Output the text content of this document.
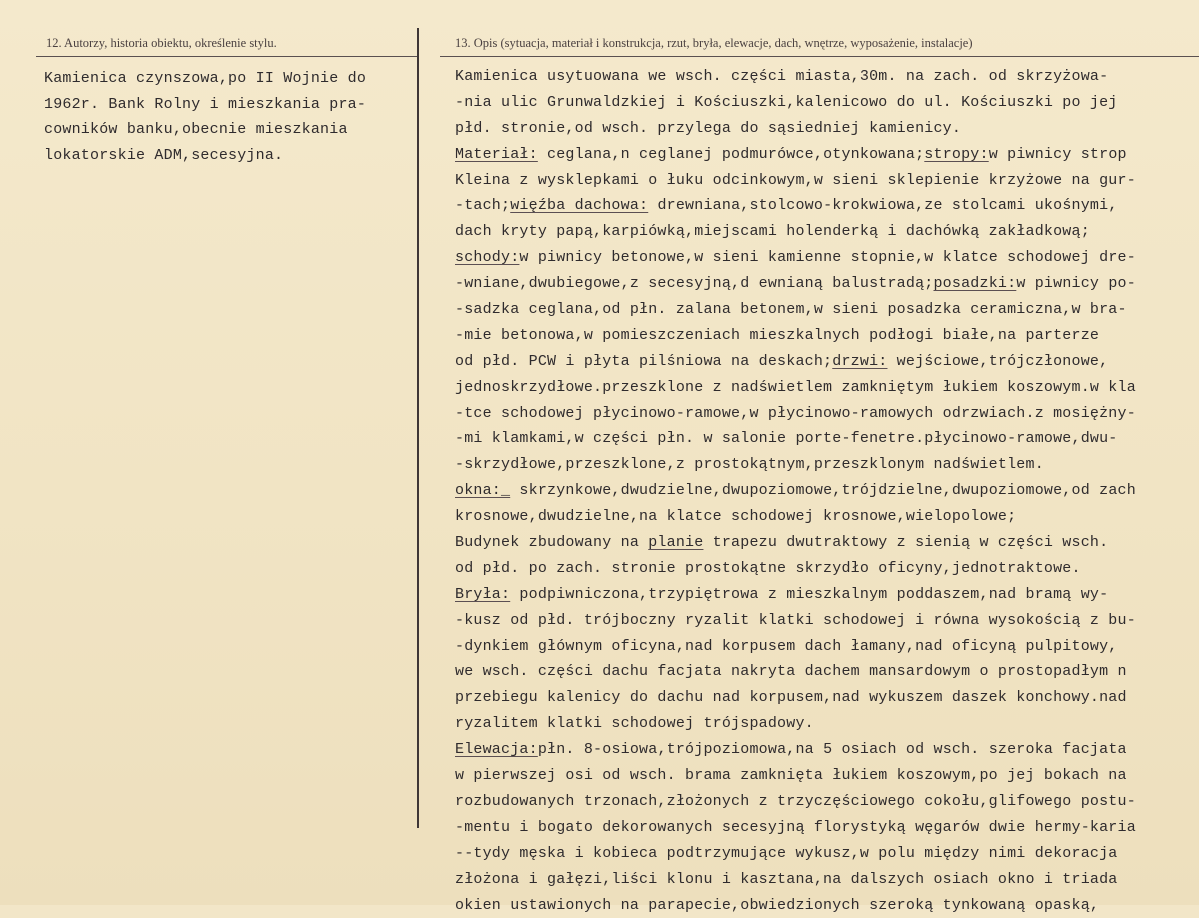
12. Autorzy, historia obiektu, określenie stylu.	13. Opis (sytuacja, materiał i konstrukcja, rzut, bryła, elewacje, dach, wnętrze, wyposażenie, instalacje)
Kamienica czynszowa,po II Wojnie do
1962r. Bank Rolny i mieszkania pra-
cowników banku,obecnie mieszkania
lokatorskie ADM,secesyjna.
Kamienica usytuowana we wsch. części miasta,30m. na zach. od skrzyżowa-
-nia ulic Grunwaldzkiej i Kościuszki,kalenicowo do ul. Kościuszki po jej
płd. stronie,od wsch. przylega do sąsiedniej kamienicy.
Materiał: ceglana,n ceglanej podmurówce,otynkowana;stropy:w piwnicy strop
Kleina z wysklepkami o łuku odcinkowym,w sieni sklepienie krzyżowe na gur-
-tach;więźba dachowa: drewniana,stolcowo-krokwiowa,ze stolcami ukośnymi,
dach kryty papą,karpiówką,miejscami holenderką i dachówką zakładkową;
schody:w piwnicy betonowe,w sieni kamienne stopnie,w klatce schodowej dre-
-wniane,dwubiegowe,z secesyjną,d ewnianą balustradą;posadzki:w piwnicy po-
-sadzka ceglana,od płn. zalana betonem,w sieni posadzka ceramiczna,w bra-
-mie betonowa,w pomieszczeniach mieszkalnych podłogi białe,na parterze
od płd. PCW i płyta pilśniowa na deskach;drzwi: wejściowe,trójczłonowe,
jednoskrzydłowe.przeszklone z nadświetlem zamkniętym łukiem koszowym.w kla
-tce schodowej płycinowo-ramowe,w płycinowo-ramowych odrzwiach.z mosiężny-
-mi klamkami,w części płn. w salonie porte-fenetre.płycinowo-ramowe,dwu-
-skrzydłowe,przeszklone,z prostokątnym,przeszklonym nadświetlem.
okna:_ skrzynkowe,dwudzielne,dwupoziomowe,trójdzielne,dwupoziomowe,od zach
krosnowe,dwudzielne,na klatce schodowej krosnowe,wielopolowe;
Budynek zbudowany na planie trapezu dwutraktowy z sienią w części wsch.
od płd. po zach. stronie prostokątne skrzydło oficyny,jednotraktowe.
Bryła: podpiwniczona,trzypiętrowa z mieszkalnym poddaszem,nad bramą wy-
-kusz od płd. trójboczny ryzalit klatki schodowej i równa wysokością z bu-
-dynkiem głównym oficyna,nad korpusem dach łamany,nad oficyną pulpitowy,
we wsch. części dachu facjata nakryta dachem mansardowym o prostopadłym n
przebiegu kalenicy do dachu nad korpusem,nad wykuszem daszek konchowy.nad
ryzalitem klatki schodowej trójspadowy.
Elewacja:płn. 8-osiowa,trójpoziomowa,na 5 osiach od wsch. szeroka facjata
w pierwszej osi od wsch. brama zamknięta łukiem koszowym,po jej bokach na
rozbudowanych trzonach,złożonych z trzyczęściowego cokołu,glifowego postu-
-mentu i bogato dekorowanych secesyjną florystyką węgarów dwie hermy-karia
--tydy męska i kobieca podtrzymujące wykusz,w polu między nimi dekoracja
złożona i gałęzi,liści klonu i kasztana,na dalszych osiach okno i triada
okien ustawionych na parapecie,obwiedzionych szeroką tynkowaną opaską,
